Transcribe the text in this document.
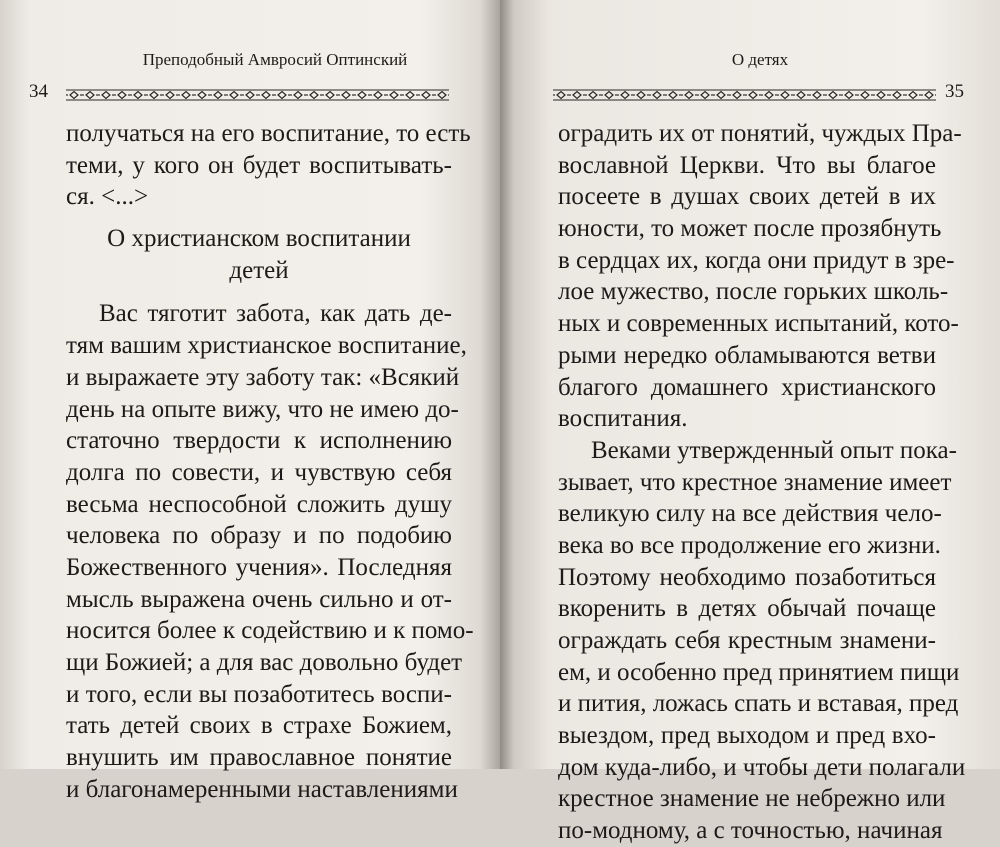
Преподобный Амвросий Оптинский
34
получаться на его воспитание, то есть
теми, у кого он будет воспитывать-
ся. <...>
О христианском воспитании
детей
Вас тяготит забота, как дать де-
тям вашим христианское воспитание,
и выражаете эту заботу так: «Всякий
день на опыте вижу, что не имею до-
статочно твердости к исполнению
долга по совести, и чувствую себя
весьма неспособной сложить душу
человека по образу и по подобию
Божественного учения». Последняя
мысль выражена очень сильно и от-
носится более к содействию и к помо-
щи Божией; а для вас довольно будет
и того, если вы позаботитесь воспи-
тать детей своих в страхе Божием,
внушить им православное понятие
и благонамеренными наставлениями
О детях
35
оградить их от понятий, чуждых Пра-
вославной Церкви. Что вы благое
посеете в душах своих детей в их
юности, то может после прозябнуть
в сердцах их, когда они придут в зре-
лое мужество, после горьких школь-
ных и современных испытаний, кото-
рыми нередко обламываются ветви
благого домашнего христианского
воспитания.
Веками утвержденный опыт пока-
зывает, что крестное знамение имеет
великую силу на все действия чело-
века во все продолжение его жизни.
Поэтому необходимо позаботиться
вкоренить в детях обычай почаще
ограждать себя крестным знамени-
ем, и особенно пред принятием пищи
и пития, ложась спать и вставая, пред
выездом, пред выходом и пред вхо-
дом куда-либо, и чтобы дети полагали
крестное знамение не небрежно или
по-модному, а с точностью, начиная
